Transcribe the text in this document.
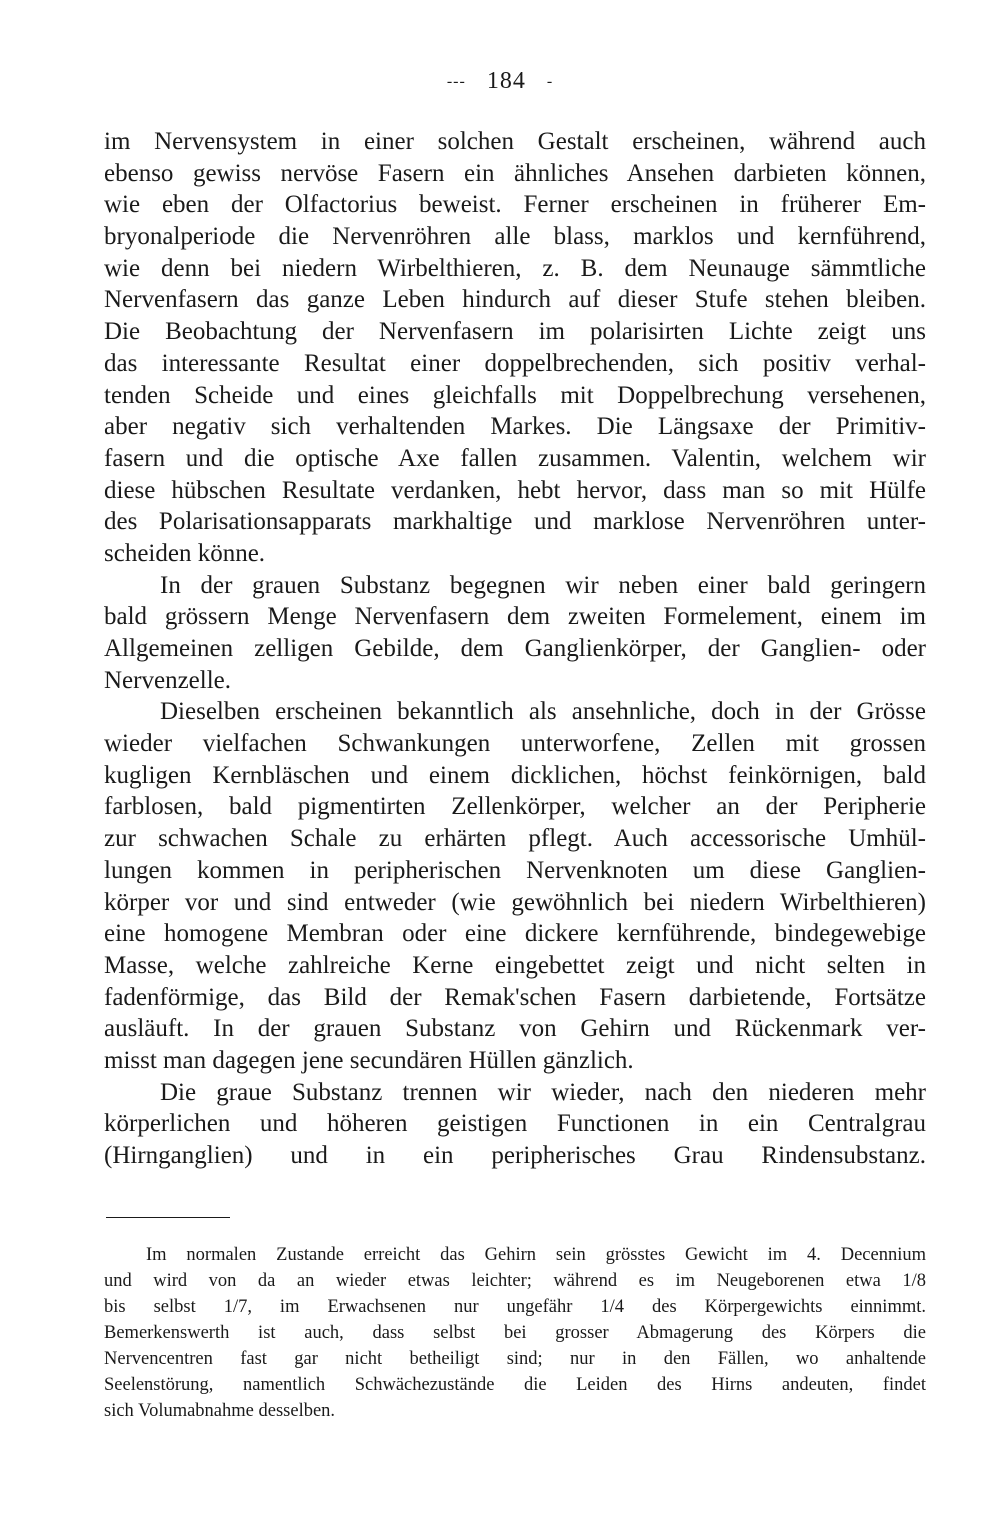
--- 184 -
im Nervensystem in einer solchen Gestalt erscheinen, während auch
ebenso gewiss nervöse Fasern ein ähnliches Ansehen darbieten können,
wie eben der Olfactorius beweist. Ferner erscheinen in früherer Em-
bryonalperiode die Nervenröhren alle blass, marklos und kernführend,
wie denn bei niedern Wirbelthieren, z. B. dem Neunauge sämmtliche
Nervenfasern das ganze Leben hindurch auf dieser Stufe stehen bleiben.
Die Beobachtung der Nervenfasern im polarisirten Lichte zeigt uns
das interessante Resultat einer doppelbrechenden, sich positiv verhal-
tenden Scheide und eines gleichfalls mit Doppelbrechung versehenen,
aber negativ sich verhaltenden Markes. Die Längsaxe der Primitiv-
fasern und die optische Axe fallen zusammen. Valentin, welchem wir
diese hübschen Resultate verdanken, hebt hervor, dass man so mit Hülfe
des Polarisationsapparats markhaltige und marklose Nervenröhren unter-
scheiden könne.
In der grauen Substanz begegnen wir neben einer bald geringern
bald grössern Menge Nervenfasern dem zweiten Formelement, einem im
Allgemeinen zelligen Gebilde, dem Ganglienkörper, der Ganglien- oder
Nervenzelle.
Dieselben erscheinen bekanntlich als ansehnliche, doch in der Grösse
wieder vielfachen Schwankungen unterworfene, Zellen mit grossen
kugligen Kernbläschen und einem dicklichen, höchst feinkörnigen, bald
farblosen, bald pigmentirten Zellenkörper, welcher an der Peripherie
zur schwachen Schale zu erhärten pflegt. Auch accessorische Umhül-
lungen kommen in peripherischen Nervenknoten um diese Ganglien-
körper vor und sind entweder (wie gewöhnlich bei niedern Wirbelthieren)
eine homogene Membran oder eine dickere kernführende, bindegewebige
Masse, welche zahlreiche Kerne eingebettet zeigt und nicht selten in
fadenförmige, das Bild der Remak'schen Fasern darbietende, Fortsätze
ausläuft. In der grauen Substanz von Gehirn und Rückenmark ver-
misst man dagegen jene secundären Hüllen gänzlich.
Die graue Substanz trennen wir wieder, nach den niederen mehr
körperlichen und höheren geistigen Functionen in ein Centralgrau
(Hirnganglien) und in ein peripherisches Grau Rindensubstanz.
Im normalen Zustande erreicht das Gehirn sein grösstes Gewicht im 4. Decennium
und wird von da an wieder etwas leichter; während es im Neugeborenen etwa 1/8
bis selbst 1/7, im Erwachsenen nur ungefähr 1/4 des Körpergewichts einnimmt.
Bemerkenswerth ist auch, dass selbst bei grosser Abmagerung des Körpers die
Nervencentren fast gar nicht betheiligt sind; nur in den Fällen, wo anhaltende
Seelenstörung, namentlich Schwächezustände die Leiden des Hirns andeuten, findet
sich Volumabnahme desselben.
